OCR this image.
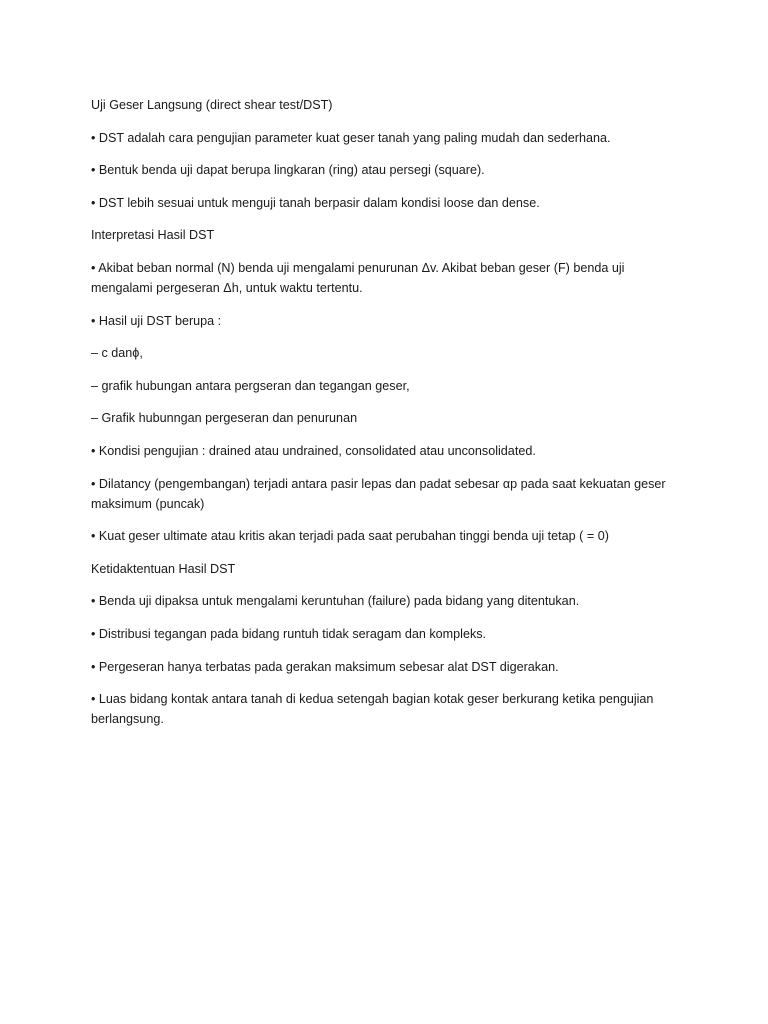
Uji Geser Langsung (direct shear test/DST)

• DST adalah cara pengujian parameter kuat geser tanah yang paling mudah dan sederhana.

• Bentuk benda uji dapat berupa lingkaran (ring) atau persegi (square).

• DST lebih sesuai untuk menguji tanah berpasir dalam kondisi loose dan dense.

Interpretasi Hasil DST

• Akibat beban normal (N) benda uji mengalami penurunan Δv. Akibat beban geser (F) benda uji mengalami pergeseran Δh, untuk waktu tertentu.

• Hasil uji DST berupa :

– c danϕ,

– grafik hubungan antara pergseran dan tegangan geser,

– Grafik hubunngan pergeseran dan penurunan

• Kondisi pengujian : drained atau undrained, consolidated atau unconsolidated.

• Dilatancy (pengembangan) terjadi antara pasir lepas dan padat sebesar αp pada saat kekuatan geser maksimum (puncak)

• Kuat geser ultimate atau kritis akan terjadi pada saat perubahan tinggi benda uji tetap ( = 0)

Ketidaktentuan Hasil DST

• Benda uji dipaksa untuk mengalami keruntuhan (failure) pada bidang yang ditentukan.

• Distribusi tegangan pada bidang runtuh tidak seragam dan kompleks.

• Pergeseran hanya terbatas pada gerakan maksimum sebesar alat DST digerakan.

• Luas bidang kontak antara tanah di kedua setengah bagian kotak geser berkurang ketika pengujian berlangsung.
